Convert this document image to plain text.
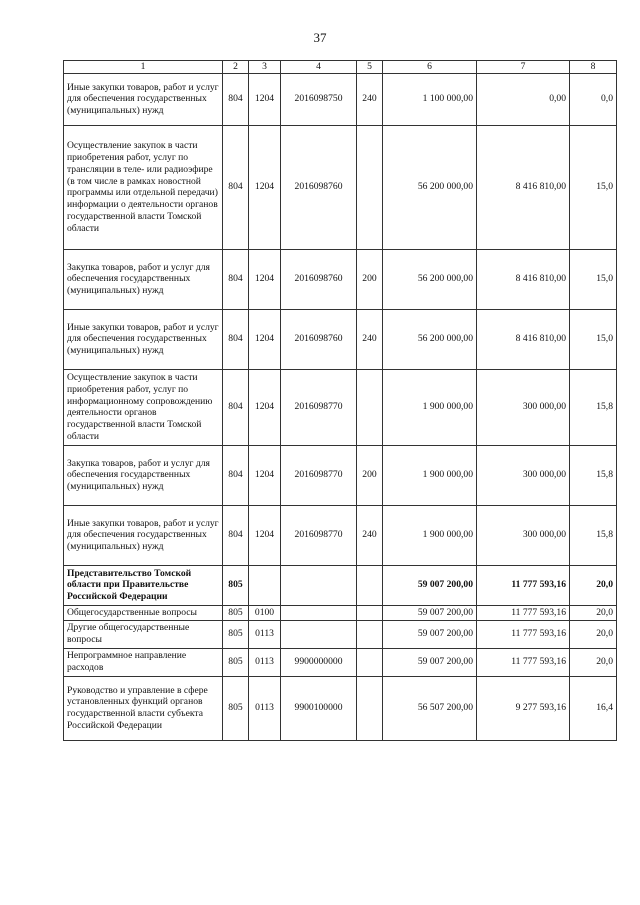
37
1	2	3	4	5	6	7	8
Иные закупки товаров, работ и услуг для обеспечения государственных (муниципальных) нужд	804	1204	2016098750	240	1 100 000,00	0,00	0,0
Осуществление закупок в части приобретения работ, услуг по трансляции в теле- или радиоэфире (в том числе в рамках новостной программы или отдельной передачи) информации о деятельности органов государственной власти Томской области	804	1204	2016098760		56 200 000,00	8 416 810,00	15,0
Закупка товаров, работ и услуг для обеспечения государственных (муниципальных) нужд	804	1204	2016098760	200	56 200 000,00	8 416 810,00	15,0
Иные закупки товаров, работ и услуг для обеспечения государственных (муниципальных) нужд	804	1204	2016098760	240	56 200 000,00	8 416 810,00	15,0
Осуществление закупок в части приобретения работ, услуг по информационному сопровождению деятельности органов государственной власти Томской области	804	1204	2016098770		1 900 000,00	300 000,00	15,8
Закупка товаров, работ и услуг для обеспечения государственных (муниципальных) нужд	804	1204	2016098770	200	1 900 000,00	300 000,00	15,8
Иные закупки товаров, работ и услуг для обеспечения государственных (муниципальных) нужд	804	1204	2016098770	240	1 900 000,00	300 000,00	15,8
Представительство Томской области при Правительстве Российской Федерации	805				59 007 200,00	11 777 593,16	20,0
Общегосударственные вопросы	805	0100			59 007 200,00	11 777 593,16	20,0
Другие общегосударственные вопросы	805	0113			59 007 200,00	11 777 593,16	20,0
Непрограммное направление расходов	805	0113	9900000000		59 007 200,00	11 777 593,16	20,0
Руководство и управление в сфере установленных функций органов государственной власти субъекта Российской Федерации	805	0113	9900100000		56 507 200,00	9 277 593,16	16,4
